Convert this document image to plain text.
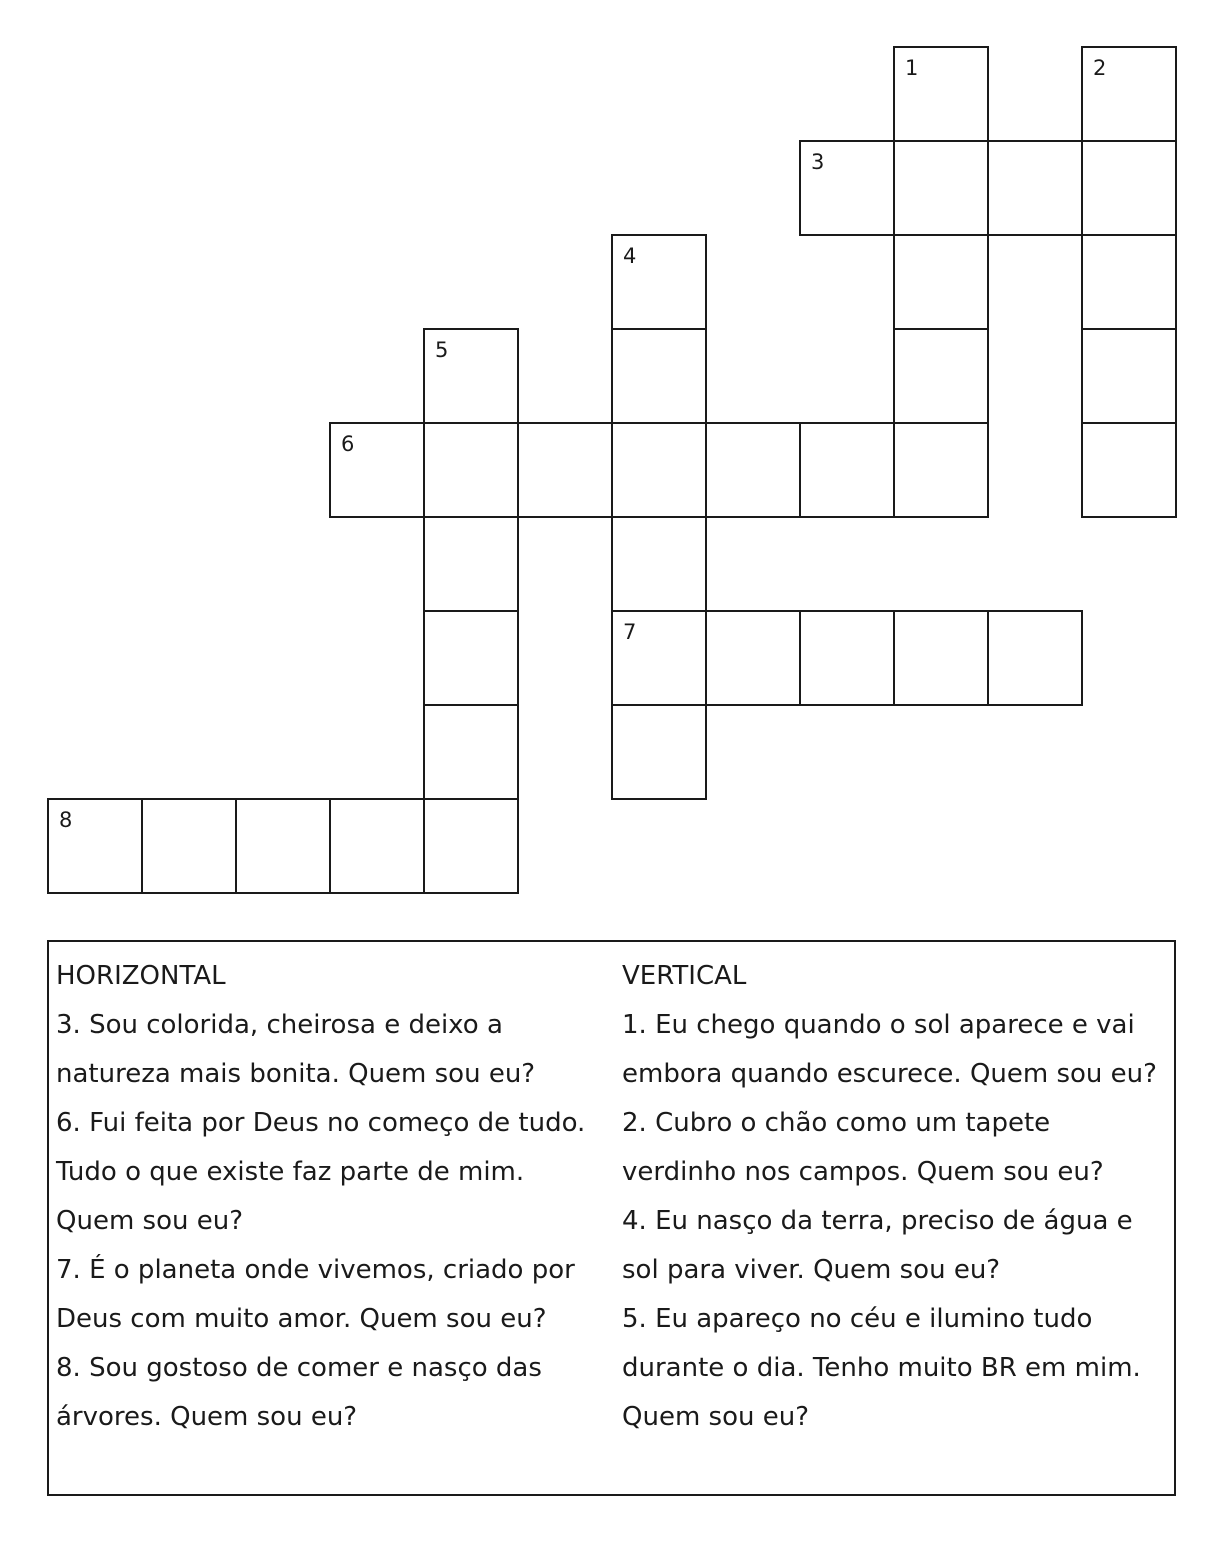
1	2
3
4
7
5
6
8
HORIZONTAL
3. Sou colorida, cheirosa e deixo a
natureza mais bonita. Quem sou eu?
6. Fui feita por Deus no começo de tudo.
Tudo o que existe faz parte de mim.
Quem sou eu?
7. É o planeta onde vivemos, criado por
Deus com muito amor. Quem sou eu?
8. Sou gostoso de comer e nasço das
árvores. Quem sou eu?
VERTICAL
1. Eu chego quando o sol aparece e vai
embora quando escurece. Quem sou eu?
2. Cubro o chão como um tapete
verdinho nos campos. Quem sou eu?
4. Eu nasço da terra, preciso de água e
sol para viver. Quem sou eu?
5. Eu apareço no céu e ilumino tudo
durante o dia. Tenho muito BR em mim.
Quem sou eu?
